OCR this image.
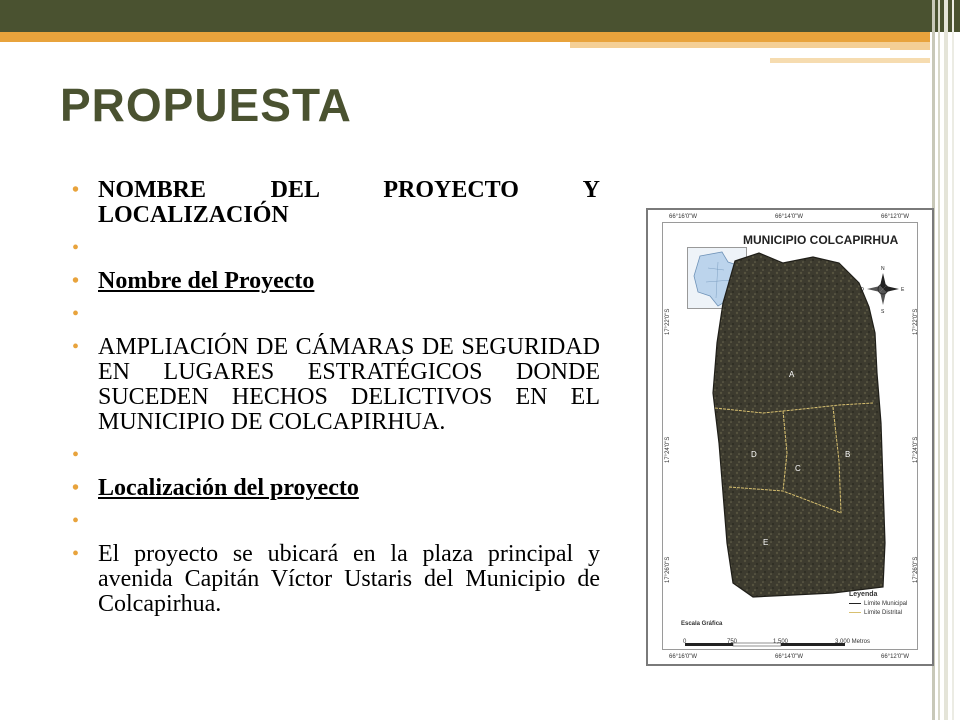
PROPUESTA
• NOMBRE DEL PROYECTO Y LOCALIZACIÓN
•
• Nombre del Proyecto
•
• AMPLIACIÓN DE CÁMARAS DE SEGURIDAD EN LUGARES ESTRATÉGICOS DONDE SUCEDEN HECHOS DELICTIVOS EN EL MUNICIPIO DE COLCAPIRHUA.
•
• Localización del proyecto
•
• El proyecto se ubicará en la plaza principal y avenida Capitán Víctor Ustaris del Municipio de Colcapirhua.
MUNICIPIO COLCAPIRHUA
66°16'0"W	66°14'0"W	66°12'0"W
66°16'0"W	66°14'0"W	66°12'0"W
A
B
C
D
E
N
S
E
O
17°22'0"S
17°24'0"S
17°26'0"S
17°22'0"S
17°24'0"S
17°26'0"S
Leyenda
Límite Municipal
Límite Distrital
Escala Gráfica
0	750	1,500	3,000 Metros
